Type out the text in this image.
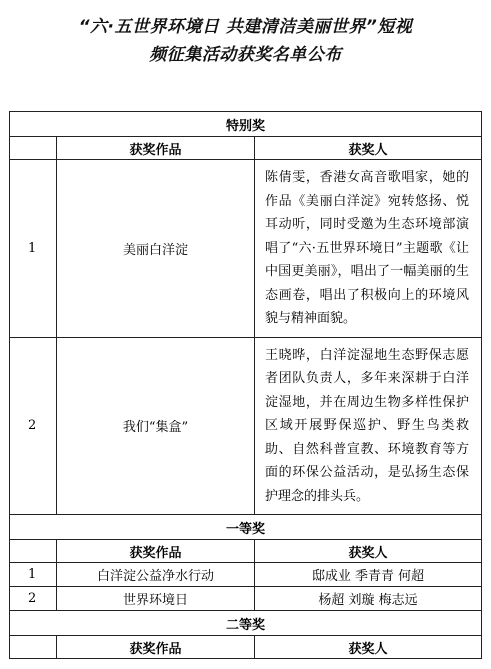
“六·五世界环境日 共建清洁美丽世界”短视
频征集活动获奖名单公布
特别奖		
	获奖作品	获奖人
1	美丽白洋淀	陈倩雯，香港女高音歌唱家，她的作品《美丽白洋淀》宛转悠扬、悦耳动听，同时受邀为生态环境部演唱了“六·五世界环境日”主题歌《让中国更美丽》，唱出了一幅美丽的生态画卷，唱出了积极向上的环境风貌与精神面貌。
2	我们“集盒”	王晓晔，白洋淀湿地生态野保志愿者团队负责人，多年来深耕于白洋淀湿地，并在周边生物多样性保护区域开展野保巡护、野生鸟类救助、自然科普宣教、环境教育等方面的环保公益活动，是弘扬生态保护理念的排头兵。
一等奖		
	获奖作品	获奖人
1	白洋淀公益净水行动	邸成业 季青青 何超
2	世界环境日	杨超 刘璇 梅志远
二等奖		
	获奖作品	获奖人
